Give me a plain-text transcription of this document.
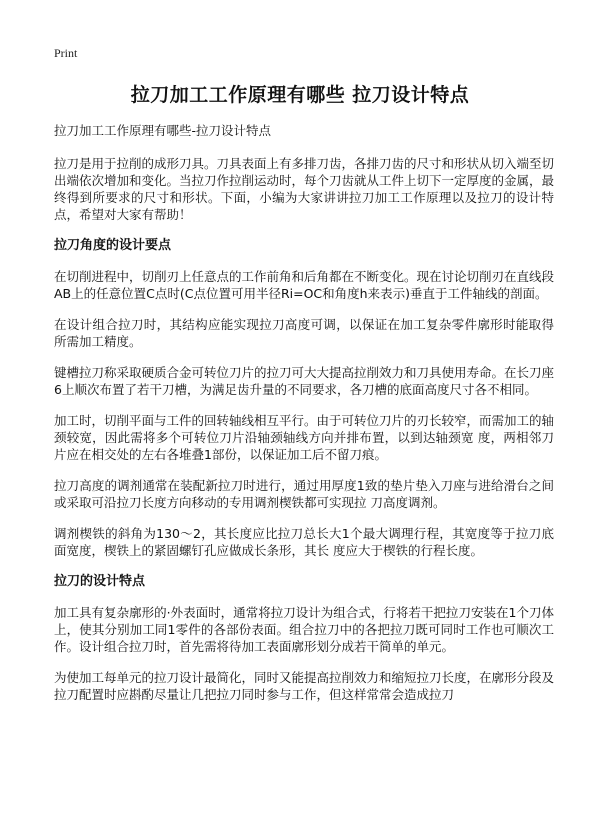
Print
拉刀加工工作原理有哪些 拉刀设计特点
拉刀加工工作原理有哪些-拉刀设计特点
拉刀是用于拉削的成形刀具。刀具表面上有多排刀齿，各排刀齿的尺寸和形状从切入端至切出端依次增加和变化。当拉刀作拉削运动时，每个刀齿就从工件上切下一定厚度的金属，最终得到所要求的尺寸和形状。下面，小编为大家讲讲拉刀加工工作原理以及拉刀的设计特点，希望对大家有帮助！
拉刀角度的设计要点
在切削进程中，切削刃上任意点的工作前角和后角都在不断变化。现在讨论切削刃在直线段AB上的任意位置C点时(C点位置可用半径Ri=OC和角度h来表示)垂直于工件轴线的剖面。
在设计组合拉刀时，其结构应能实现拉刀高度可调，以保证在加工复杂零件廓形时能取得 所需加工精度。
键槽拉刀称采取硬质合金可转位刀片的拉刀可大大提高拉削效力和刀具使用寿命。在长刀座6上顺次布置了若干刀槽，为满足齿升量的不同要求，各刀槽的底面高度尺寸各不相同。
加工时，切削平面与工件的回转轴线相互平行。由于可转位刀片的刃长较窄，而需加工的轴颈较宽，因此需将多个可转位刀片沿轴颈轴线方向并排布置，以到达轴颈宽 度，两相邻刀片应在相交处的左右各堆叠1部份，以保证加工后不留刀痕。
拉刀高度的调剂通常在装配新拉刀时进行，通过用厚度1致的垫片垫入刀座与进给滑台之间或采取可沿拉刀长度方向移动的专用调剂楔铁都可实现拉 刀高度调剂。
调剂楔铁的斜角为130～2，其长度应比拉刀总长大1个最大调理行程，其宽度等于拉刀底面宽度，楔铁上的紧固螺钉孔应做成长条形，其长 度应大于楔铁的行程长度。
拉刀的设计特点
加工具有复杂廓形的·外表面时，通常将拉刀设计为组合式，行将若干把拉刀安装在1个刀体上，使其分别加工同1零件的各部份表面。组合拉刀中的各把拉刀既可同时工作也可顺次工作。设计组合拉刀时，首先需将待加工表面廓形划分成若干简单的单元。
为使加工每单元的拉刀设计最简化，同时又能提高拉削效力和缩短拉刀长度，在廓形分段及拉刀配置时应斟酌尽量让几把拉刀同时参与工作，但这样常常会造成拉刀
